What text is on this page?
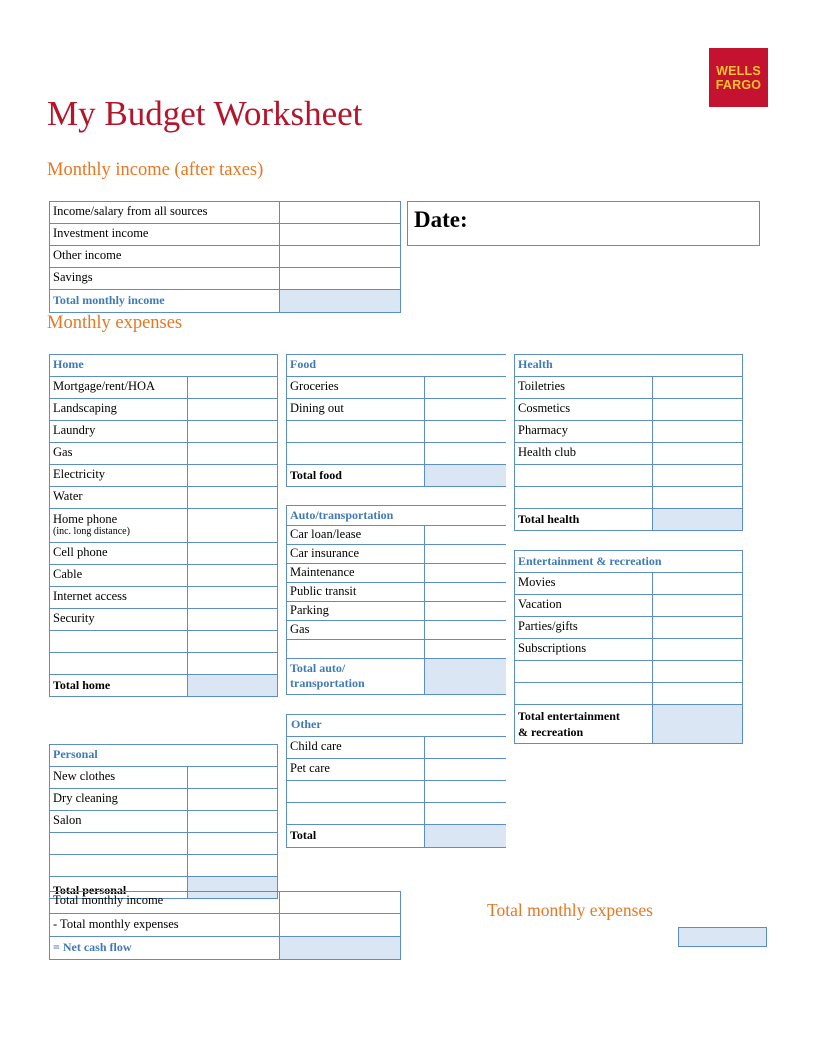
WELLS
FARGO
My Budget Worksheet
Monthly income (after taxes)
Monthly expenses
Date:
Income/salary from all sources
Investment income
Other income
Savings
Total monthly income
Home
Mortgage/rent/HOA
Landscaping
Laundry
Gas
Electricity
Water
Home phone
(inc. long distance)
Cell phone
Cable
Internet access
Security
Total home
Personal
New clothes
Dry cleaning
Salon
Total personal
Food
Groceries
Dining out
Total food
Auto/transportation
Car loan/lease
Car insurance
Maintenance
Public transit
Parking
Gas
Total auto/
transportation
Other
Child care
Pet care
Total
Health
Toiletries
Cosmetics
Pharmacy
Health club
Total health
Entertainment & recreation
Movies
Vacation
Parties/gifts
Subscriptions
Total entertainment
& recreation
Total monthly income
- Total monthly expenses
= Net cash flow
Total monthly expenses
